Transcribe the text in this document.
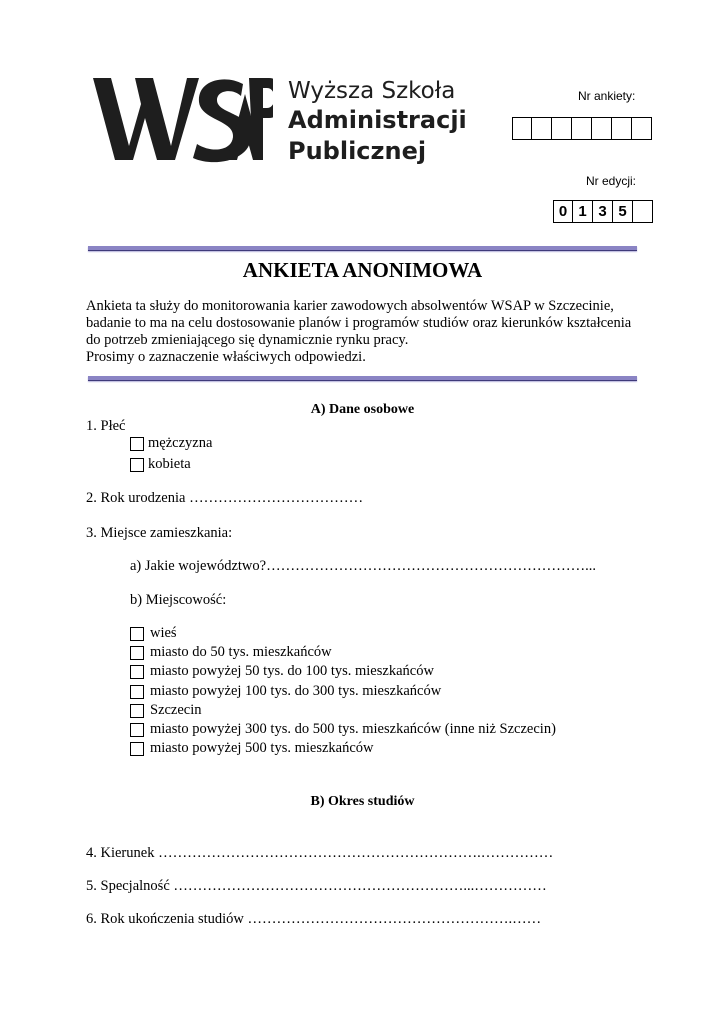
Wyższa Szkoła
Administracji
Publicznej
Nr ankiety:
Nr edycji:
0 1 3 5
ANKIETA ANONIMOWA
Ankieta ta służy do monitorowania karier zawodowych absolwentów WSAP w Szczecinie,
badanie to ma na celu dostosowanie planów i programów studiów oraz kierunków kształcenia
do potrzeb zmieniającego się dynamicznie rynku pracy.
Prosimy o zaznaczenie właściwych odpowiedzi.
A) Dane osobowe
1. Płeć
mężczyzna
kobieta
2. Rok urodzenia ………………………………
3. Miejsce zamieszkania:
a) Jakie województwo?…………………………………………………………...
b) Miejscowość:
wieś
miasto do 50 tys. mieszkańców
miasto powyżej 50 tys. do 100 tys. mieszkańców
miasto powyżej 100 tys. do 300 tys. mieszkańców
Szczecin
miasto powyżej 300 tys. do 500 tys. mieszkańców (inne niż Szczecin)
miasto powyżej 500 tys. mieszkańców
B) Okres studiów
4. Kierunek ………………………………………………………….……………
5. Specjalność ……………………………………………………...……………
6. Rok ukończenia studiów ……………………………………………….……
